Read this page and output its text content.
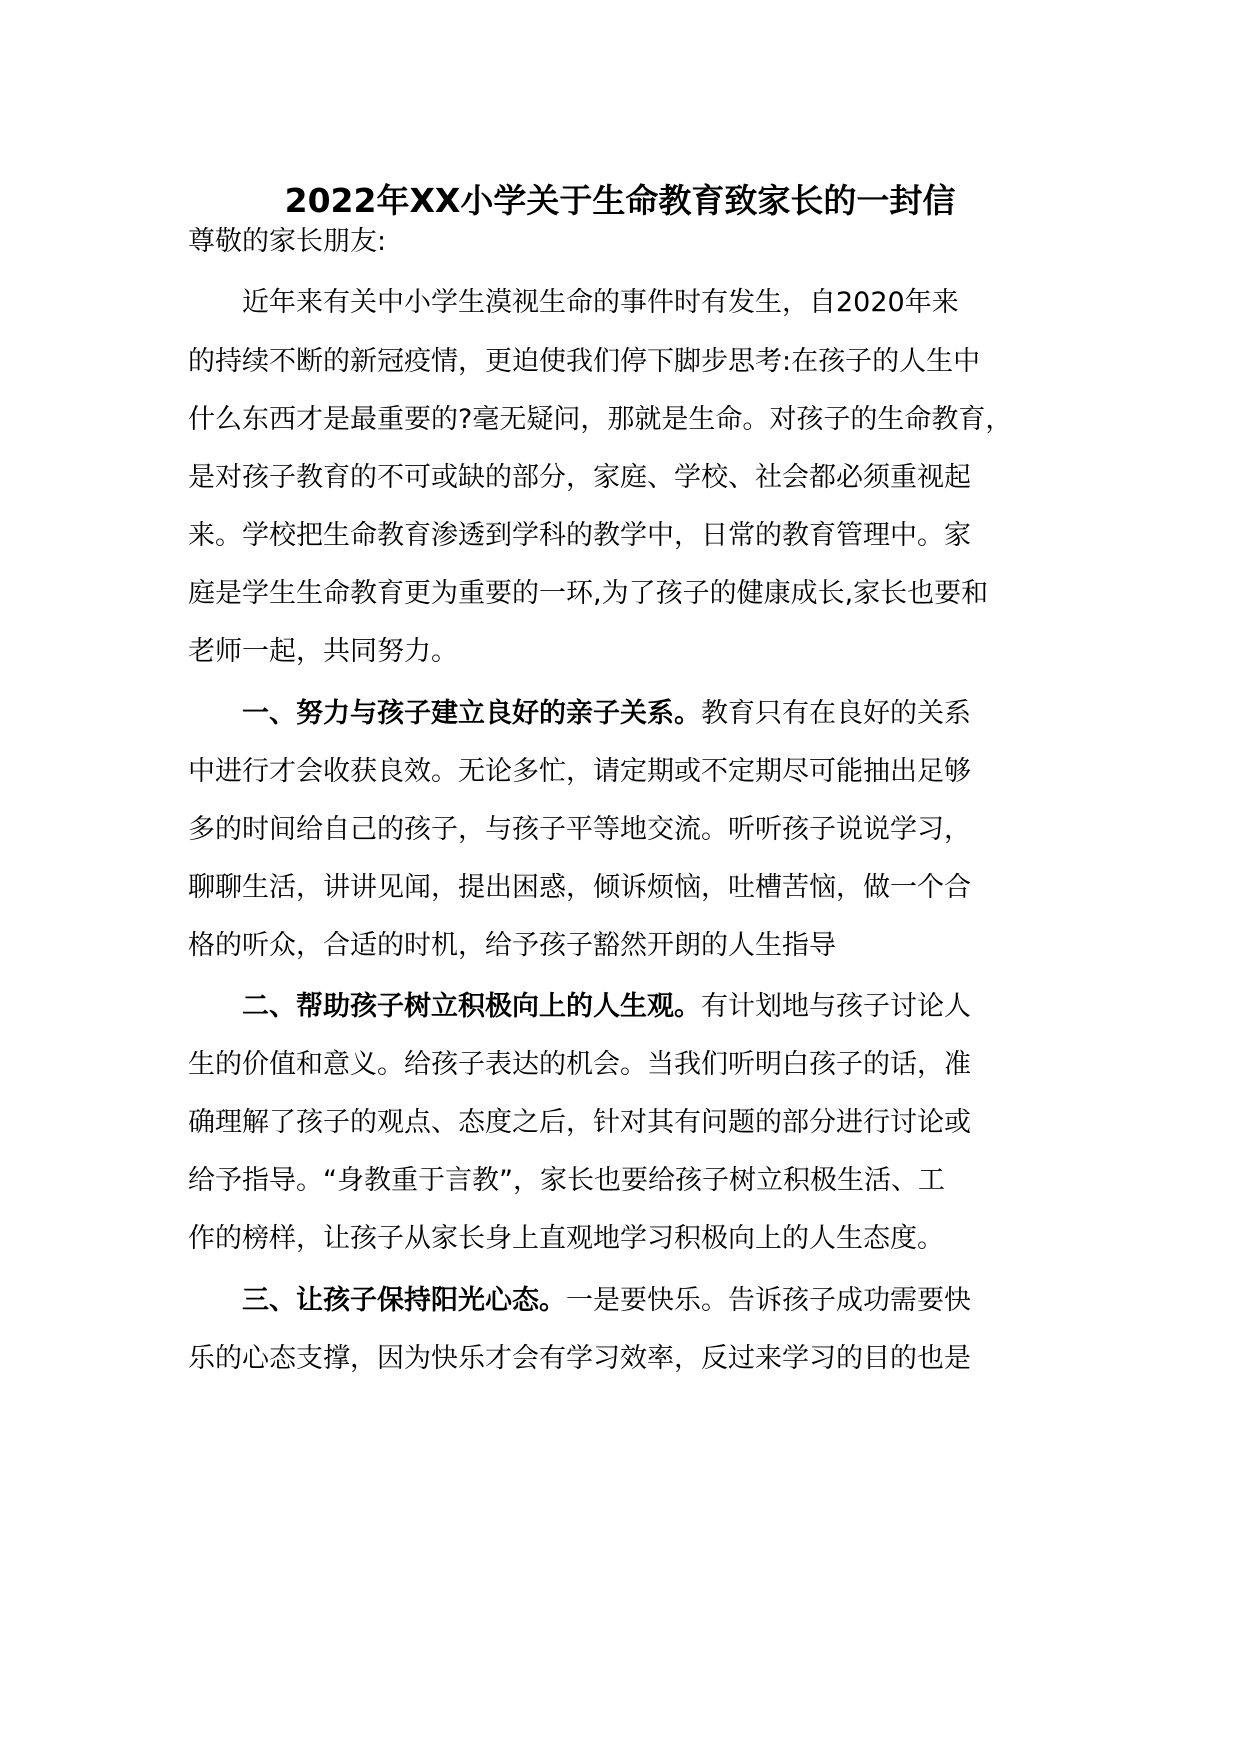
2022年XX小学关于生命教育致家长的一封信
尊敬的家长朋友:
近年来有关中小学生漠视生命的事件时有发生，自2020年来
的持续不断的新冠疫情，更迫使我们停下脚步思考:在孩子的人生中
什么东西才是最重要的?毫无疑问，那就是生命。对孩子的生命教育，
是对孩子教育的不可或缺的部分，家庭、学校、社会都必须重视起
来。学校把生命教育渗透到学科的教学中，日常的教育管理中。家
庭是学生生命教育更为重要的一环,为了孩子的健康成长,家长也要和
老师一起，共同努力。
一、努力与孩子建立良好的亲子关系。教育只有在良好的关系
中进行才会收获良效。无论多忙，请定期或不定期尽可能抽出足够
多的时间给自己的孩子，与孩子平等地交流。听听孩子说说学习，
聊聊生活，讲讲见闻，提出困惑，倾诉烦恼，吐槽苦恼，做一个合
格的听众，合适的时机，给予孩子豁然开朗的人生指导
二、帮助孩子树立积极向上的人生观。有计划地与孩子讨论人
生的价值和意义。给孩子表达的机会。当我们听明白孩子的话，准
确理解了孩子的观点、态度之后，针对其有问题的部分进行讨论或
给予指导。“身教重于言教”，家长也要给孩子树立积极生活、工
作的榜样，让孩子从家长身上直观地学习积极向上的人生态度。
三、让孩子保持阳光心态。一是要快乐。告诉孩子成功需要快
乐的心态支撑，因为快乐才会有学习效率，反过来学习的目的也是
